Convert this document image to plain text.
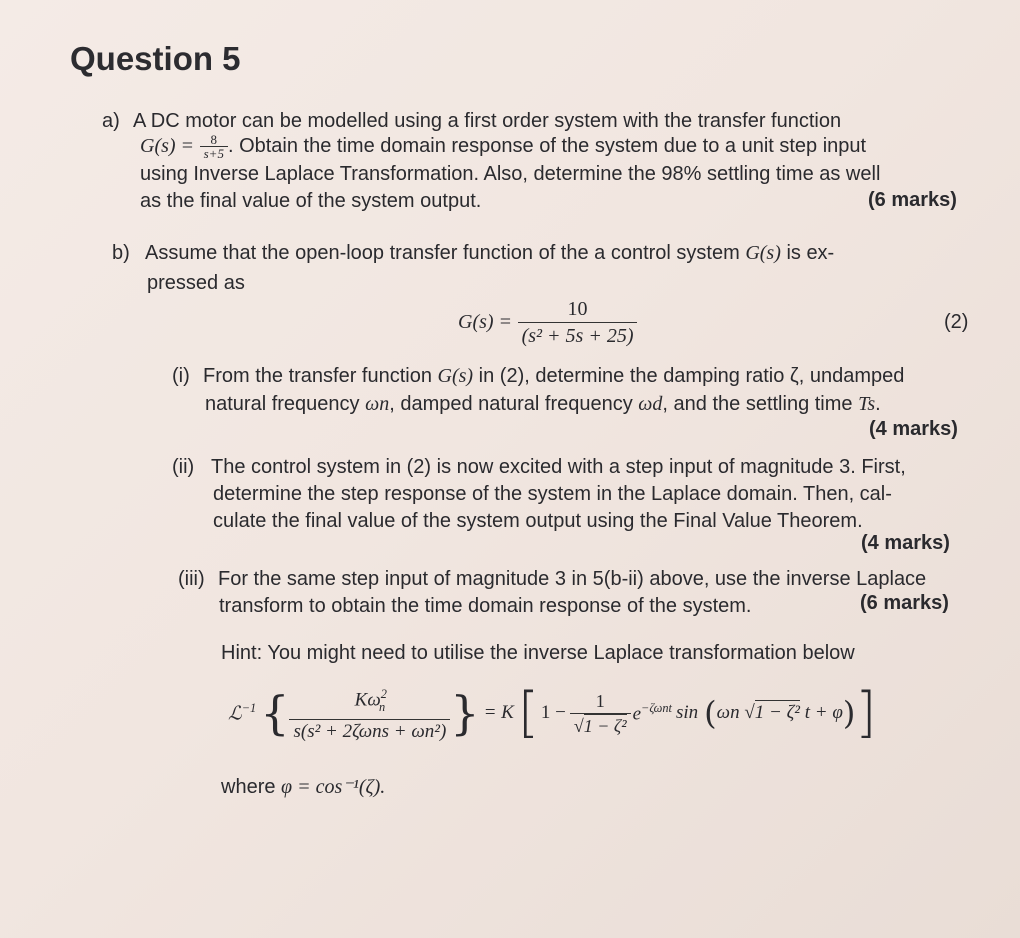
Question 5
a) A DC motor can be modelled using a first order system with the transfer function
$G(s) = \frac{8}{s+5}$ . Obtain the time domain response of the system due to a unit step input
using Inverse Laplace Transformation. Also, determine the 98% settling time as well
as the final value of the system output.	(6 marks)
b) Assume that the open-loop transfer function of the a control system G(s) is ex-
pressed as
$G(s) = \frac{10}{\text{(s² + 5s + 25)}}$	(2)
(i) From the transfer function G(s) in (2), determine the damping ratio ζ, undamped
natural frequency ωn, damped natural frequency ωd, and the settling time Ts.
(4 marks)
(ii) The control system in (2) is now excited with a step input of magnitude 3. First,
determine the step response of the system in the Laplace domain. Then, cal-
culate the final value of the system output using the Final Value Theorem.
(4 marks)
(iii) For the same step input of magnitude 3 in 5(b-ii) above, use the inverse Laplace
transform to obtain the time domain response of the system.	(6 marks)
Hint: You might need to utilise the inverse Laplace transformation below
ℒ$^{-1}$ { $\frac{K\omega^2_n}{\text{s(s² + 2ζωns + ωn²)}}$ } = K [ $1 - \frac{1}{\text{√1 − ζ²}} e^{-\zeta\omega nt}$ sin ( ωn √1 − ζ² t + φ ) ]
where φ = cos⁻¹(ζ).
